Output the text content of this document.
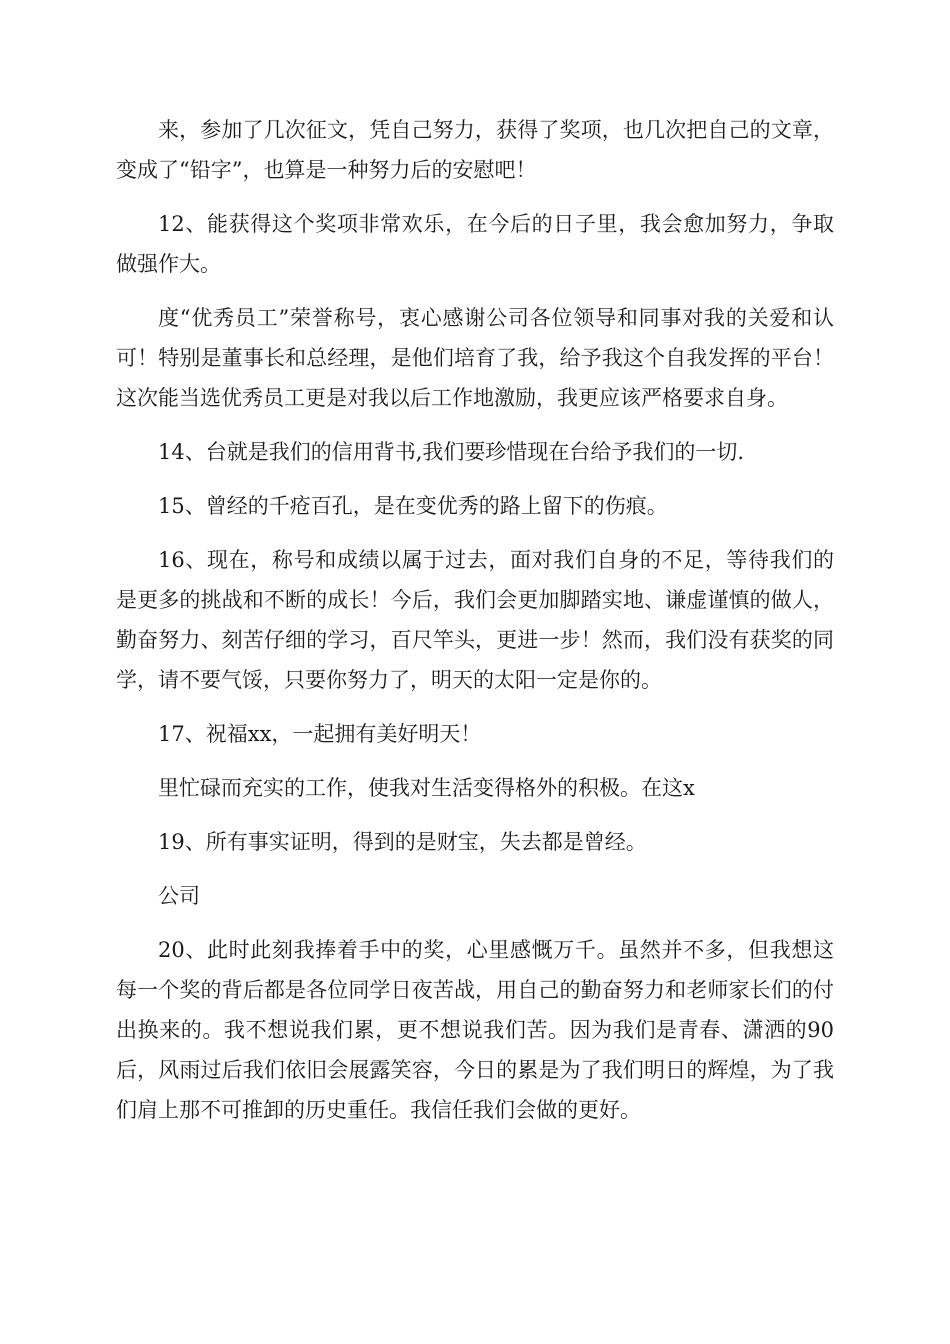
来，参加了几次征文，凭自己努力，获得了奖项，也几次把自己的文章，变成了“铅字”，也算是一种努力后的安慰吧！

12、能获得这个奖项非常欢乐，在今后的日子里，我会愈加努力，争取做强作大。

度“优秀员工”荣誉称号，衷心感谢公司各位领导和同事对我的关爱和认可！特别是董事长和总经理，是他们培育了我，给予我这个自我发挥的平台！这次能当选优秀员工更是对我以后工作地激励，我更应该严格要求自身。

14、台就是我们的信用背书,我们要珍惜现在台给予我们的一切.

15、曾经的千疮百孔，是在变优秀的路上留下的伤痕。

16、现在，称号和成绩以属于过去，面对我们自身的不足，等待我们的是更多的挑战和不断的成长！今后，我们会更加脚踏实地、谦虚谨慎的做人，勤奋努力、刻苦仔细的学习，百尺竿头，更进一步！然而，我们没有获奖的同学，请不要气馁，只要你努力了，明天的太阳一定是你的。

17、祝福xx，一起拥有美好明天！

里忙碌而充实的工作，使我对生活变得格外的积极。在这x

19、所有事实证明，得到的是财宝，失去都是曾经。

公司

20、此时此刻我捧着手中的奖，心里感慨万千。虽然并不多，但我想这每一个奖的背后都是各位同学日夜苦战，用自己的勤奋努力和老师家长们的付出换来的。我不想说我们累，更不想说我们苦。因为我们是青春、潇洒的90后，风雨过后我们依旧会展露笑容，今日的累是为了我们明日的辉煌，为了我们肩上那不可推卸的历史重任。我信任我们会做的更好。
